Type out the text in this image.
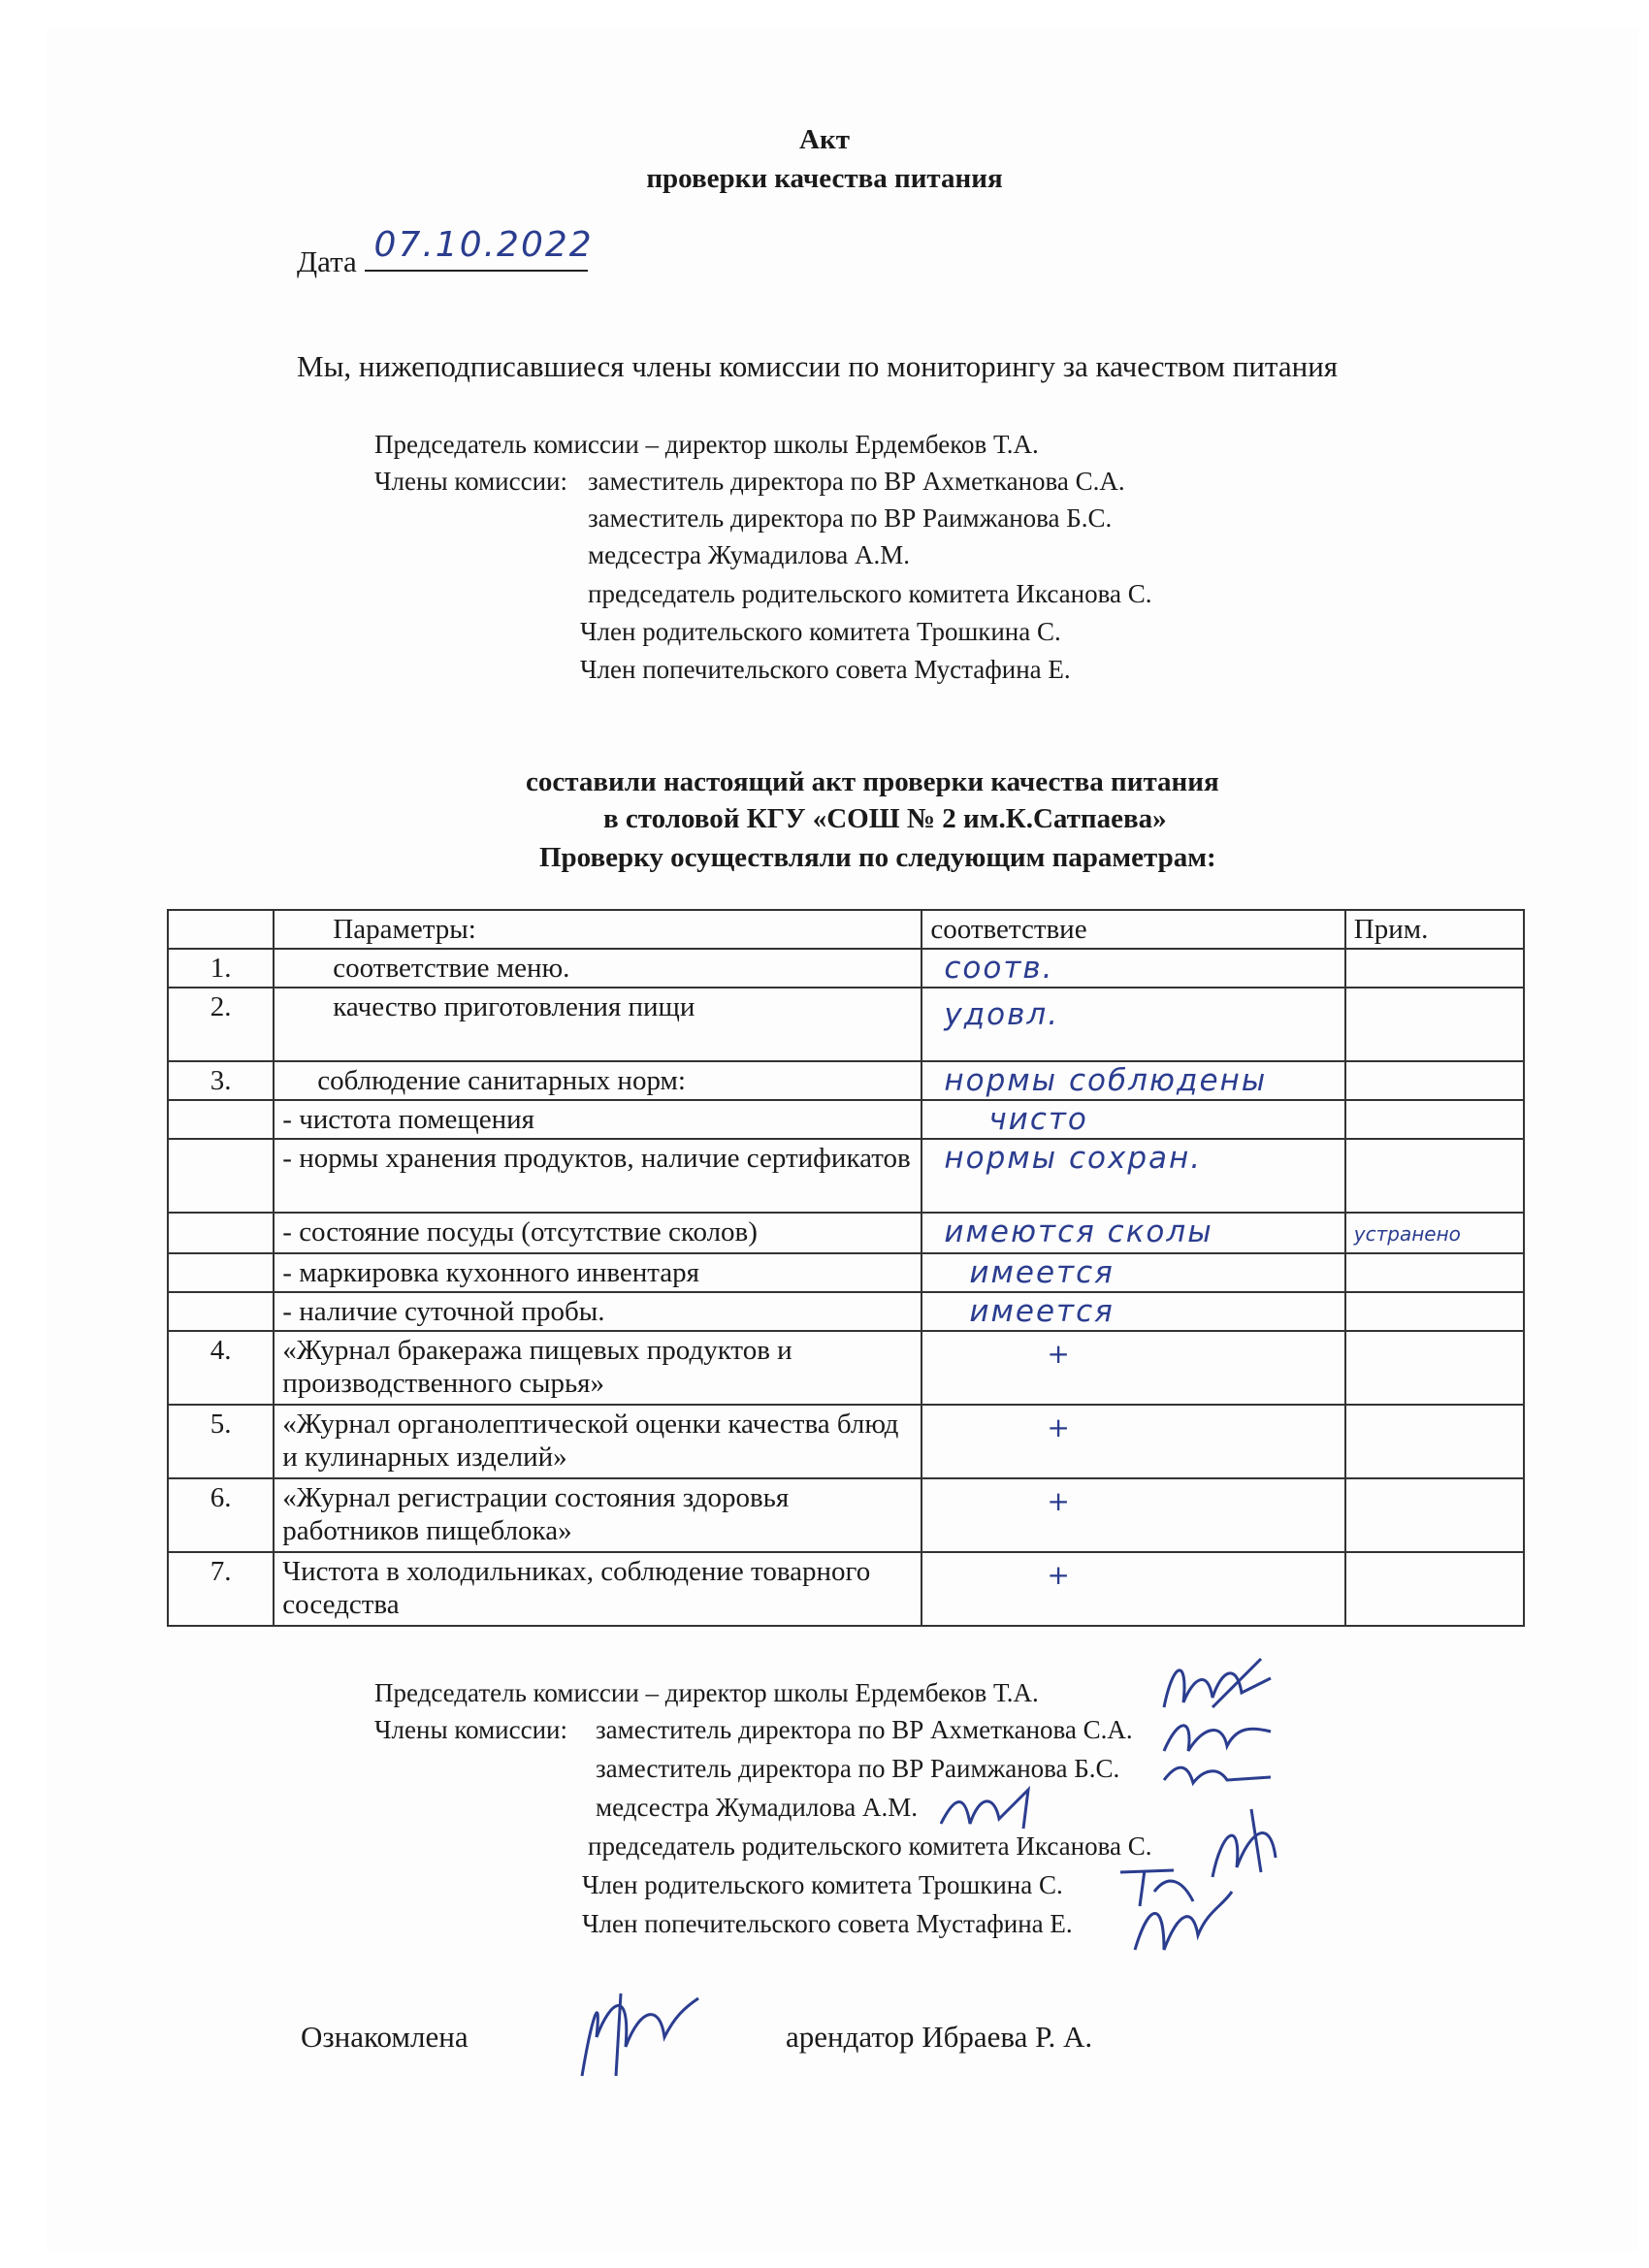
Акт
проверки качества питания
Дата 07.10.2022
Мы, нижеподписавшиеся члены комиссии по мониторингу за качеством питания
Председатель комиссии – директор школы Ердембеков Т.А.
Члены комиссии: заместитель директора по ВР Ахметканова С.А.
заместитель директора по ВР Раимжанова Б.С.
медсестра Жумадилова А.М.
председатель родительского комитета Иксанова С.
Член родительского комитета Трошкина С.
Член попечительского совета Мустафина Е.
составили настоящий акт проверки качества питания
в столовой КГУ «СОШ № 2 им.К.Сатпаева»
Проверку осуществляли по следующим параметрам:
	Параметры:	соответствие	Прим.
1.	соответствие меню.	соотв.	

2.	качество приготовления пищи	удовл.	

3.	соблюдение санитарных норм:	нормы соблюдены	

	- чистота помещения	чисто	

	- нормы хранения продуктов, наличие сертификатов	нормы сохран.	

	- состояние посуды (отсутствие сколов)	имеются сколы	устранено
	- маркировка кухонного инвентаря	имеется	

	- наличие суточной пробы.	имеется	

4.	«Журнал бракеража пищевых продуктов и производственного сырья»	+	

5.	«Журнал органолептической оценки качества блюд и кулинарных изделий»	+	

6.	«Журнал регистрации состояния здоровья работников пищеблока»	+	

7.	Чистота в холодильниках, соблюдение товарного соседства	+	

Председатель комиссии – директор школы Ердембеков Т.А.
Члены комиссии: заместитель директора по ВР Ахметканова С.А.
заместитель директора по ВР Раимжанова Б.С.
медсестра Жумадилова А.М.
председатель родительского комитета Иксанова С.
Член родительского комитета Трошкина С.
Член попечительского совета Мустафина Е.
Ознакомлена	арендатор Ибраева Р. А.
